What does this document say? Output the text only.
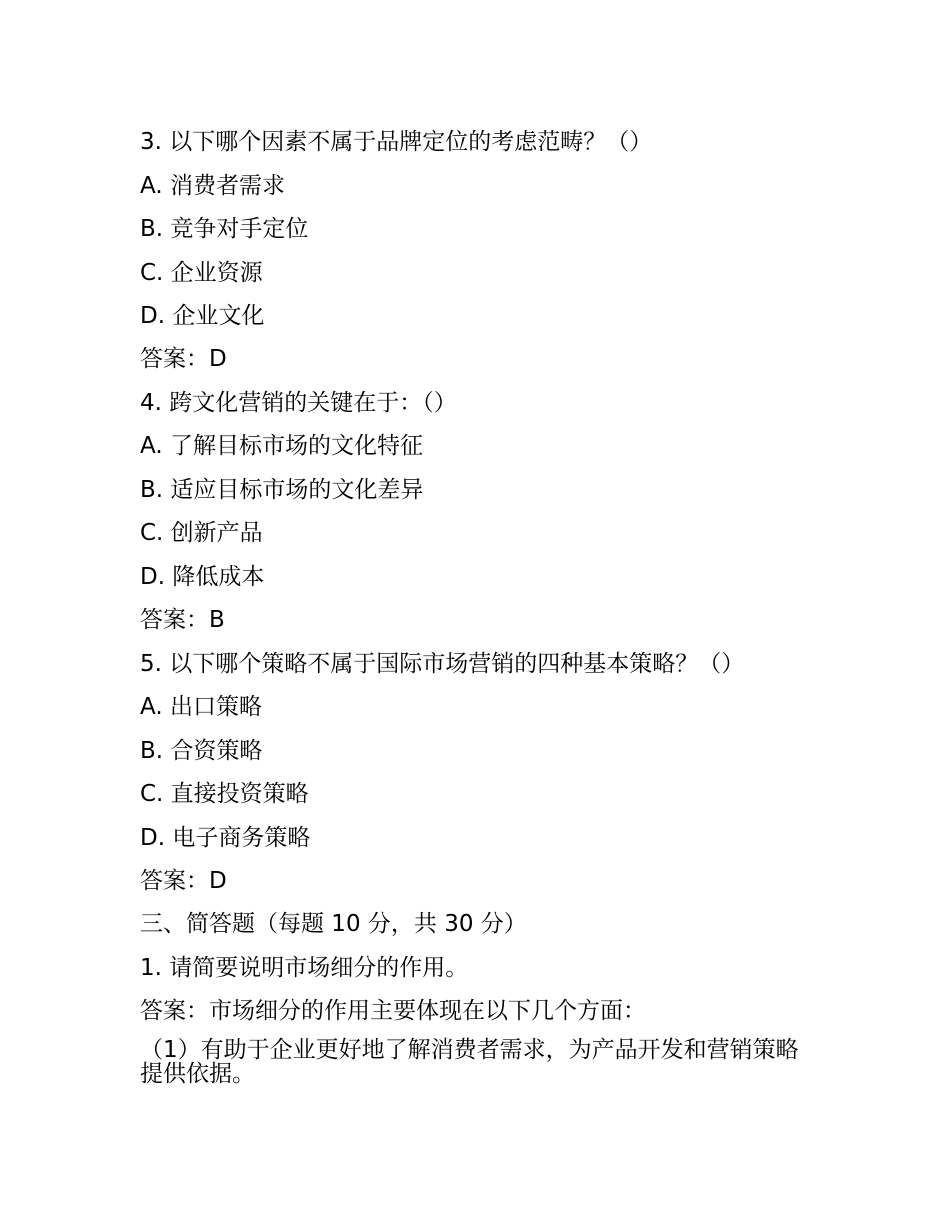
3. 以下哪个因素不属于品牌定位的考虑范畴？（）
A. 消费者需求
B. 竞争对手定位
C. 企业资源
D. 企业文化
答案：D
4. 跨文化营销的关键在于：（）
A. 了解目标市场的文化特征
B. 适应目标市场的文化差异
C. 创新产品
D. 降低成本
答案：B
5. 以下哪个策略不属于国际市场营销的四种基本策略？（）
A. 出口策略
B. 合资策略
C. 直接投资策略
D. 电子商务策略
答案：D
三、简答题（每题 10 分，共 30 分）
1. 请简要说明市场细分的作用。
答案：市场细分的作用主要体现在以下几个方面：
（1）有助于企业更好地了解消费者需求，为产品开发和营销策略提供依据。
